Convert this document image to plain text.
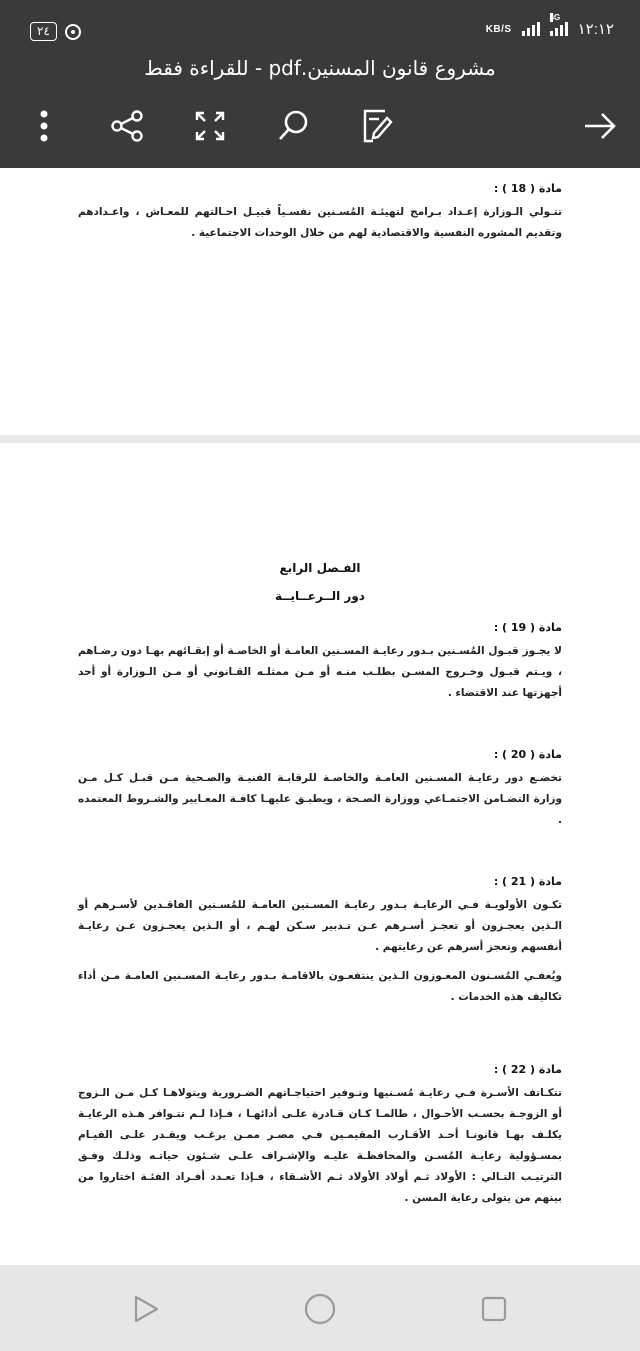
٢٤	KB/S
4G
١٢:١٢
مشروع قانون المسنين.pdf - للقراءة فقط
مادة ( 18 ) :
تتـولي الـوزارة إعـداد بـرامج لتهيئـة المُسـنين نفسـياً قبيـل احـالتهم للمعـاش ، واعـدادهم وتقديم المشوره النفسية والاقتصادية لهم من خلال الوحدات الاجتماعية .
الفـصل الرابع
دور الــرعــايــة
مادة ( 19 ) :
لا يجـوز قبـول المُسـنين بـدور رعايـة المسـنين العامـة أو الخاصـة أو إبقـائهم بهـا دون رضـاهم ، ويـتم قبـول وخـروج المسـن بطلـب منـه أو مـن ممثلـه القـانوني أو مـن الـوزارة أو أحد أجهزتها عند الاقتضاء .
مادة ( 20 ) :
تخضـع دور رعايـة المسـنين العامـة والخاصـة للرقابـة الفنيـة والصـحية مـن قبـل كـل مـن وزارة التضـامن الاجتمـاعي ووزارة الصـحة ، ويطبـق عليهـا كافـة المعـايير والشـروط المعتمده .
مادة ( 21 ) :

تكـون الأولويـة فـي الرعايـة بـدور رعايـة المسـنين العامـة للمُسـنين الفاقـدين لأسـرهم أو الـذين يعجـزون أو تعجـز أسـرهم عـن تـدبير سـكن لهـم ، أو الـذين يعجـزون عـن رعايـة أنفسهم وتعجز أسرهم عن رعايتهم .

ويُعفـي المُسـنون المعـوزون الـذين ينتفعـون بالاقامـة بـدور رعايـة المسـنين العامـة مـن أداء تكاليف هذه الخدمات .

مادة ( 22 ) :
تتكـاتف الأسـرة فـي رعايـة مُسـنيها وتـوفير احتياجـاتهم الضـرورية ويتولاهـا كـل مـن الـزوج أو الزوجـة بحسـب الأحـوال ، طالمـا كـان قـادرة علـى أدائهـا ، فـإذا لـم تتـوافر هـذه الرعايـة يكلـف بهـا قانونـا أحـد الأقـارب المقيمـين فـي مصـر ممـن يرغـب ويقـدر علـى القيـام بمسـؤولية رعايـة المُسـن والمحافظـة عليـه والإشـراف علـى شـئون حياتـه وذلـك وفـق الترتيـب التـالي : الأولاد ثـم أولاد الأولاد ثـم الأشـقاء ، فـإذا تعـدد أفـراد الفئـة اختاروا من بينهم من يتولى رعاية المسن .
